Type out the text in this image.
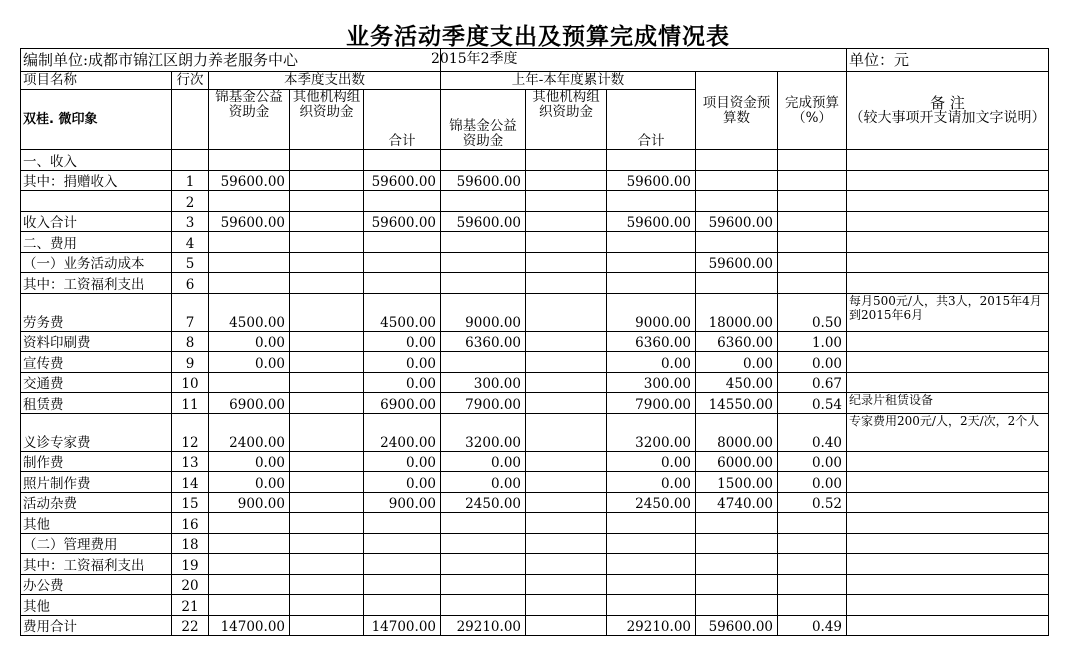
业务活动季度支出及预算完成情况表
编制单位:成都市锦江区朗力养老服务中心					2015年2季度					单位：元
项目名称	行次	本季度支出数			上年-本年度累计数			项目资金预算数	完成预算（%）	备 注
（较大事项开支请加文字说明）

双桂. 微印象		锦基金公益资助金	其他机构组织资助金	合计	锦基金公益资助金	其他机构组织资助金	合计			
一、收入										
其中：捐赠收入	1	59600.00		59600.00	59600.00		59600.00			
	2									
收入合计	3	59600.00		59600.00	59600.00		59600.00	59600.00		
二、费用	4									
（一）业务活动成本	5							59600.00		
其中：工资福利支出	6									
劳务费	7	4500.00		4500.00	9000.00		9000.00	18000.00	0.50	每月500元/人，共3人，2015年4月到2015年6月
资料印刷费	8	0.00		0.00	6360.00		6360.00	6360.00	1.00	
宣传费	9	0.00		0.00			0.00	0.00	0.00	
交通费	10			0.00	300.00		300.00	450.00	0.67	
租赁费	11	6900.00		6900.00	7900.00		7900.00	14550.00	0.54	纪录片租赁设备
义诊专家费	12	2400.00		2400.00	3200.00		3200.00	8000.00	0.40	专家费用200元/人，2天/次，2个人
制作费	13	0.00		0.00	0.00		0.00	6000.00	0.00	
照片制作费	14	0.00		0.00	0.00		0.00	1500.00	0.00	
活动杂费	15	900.00		900.00	2450.00		2450.00	4740.00	0.52	
其他	16									
（二）管理费用	18									
其中：工资福利支出	19									
办公费	20									
其他	21									
费用合计	22	14700.00		14700.00	29210.00		29210.00	59600.00	0.49	
